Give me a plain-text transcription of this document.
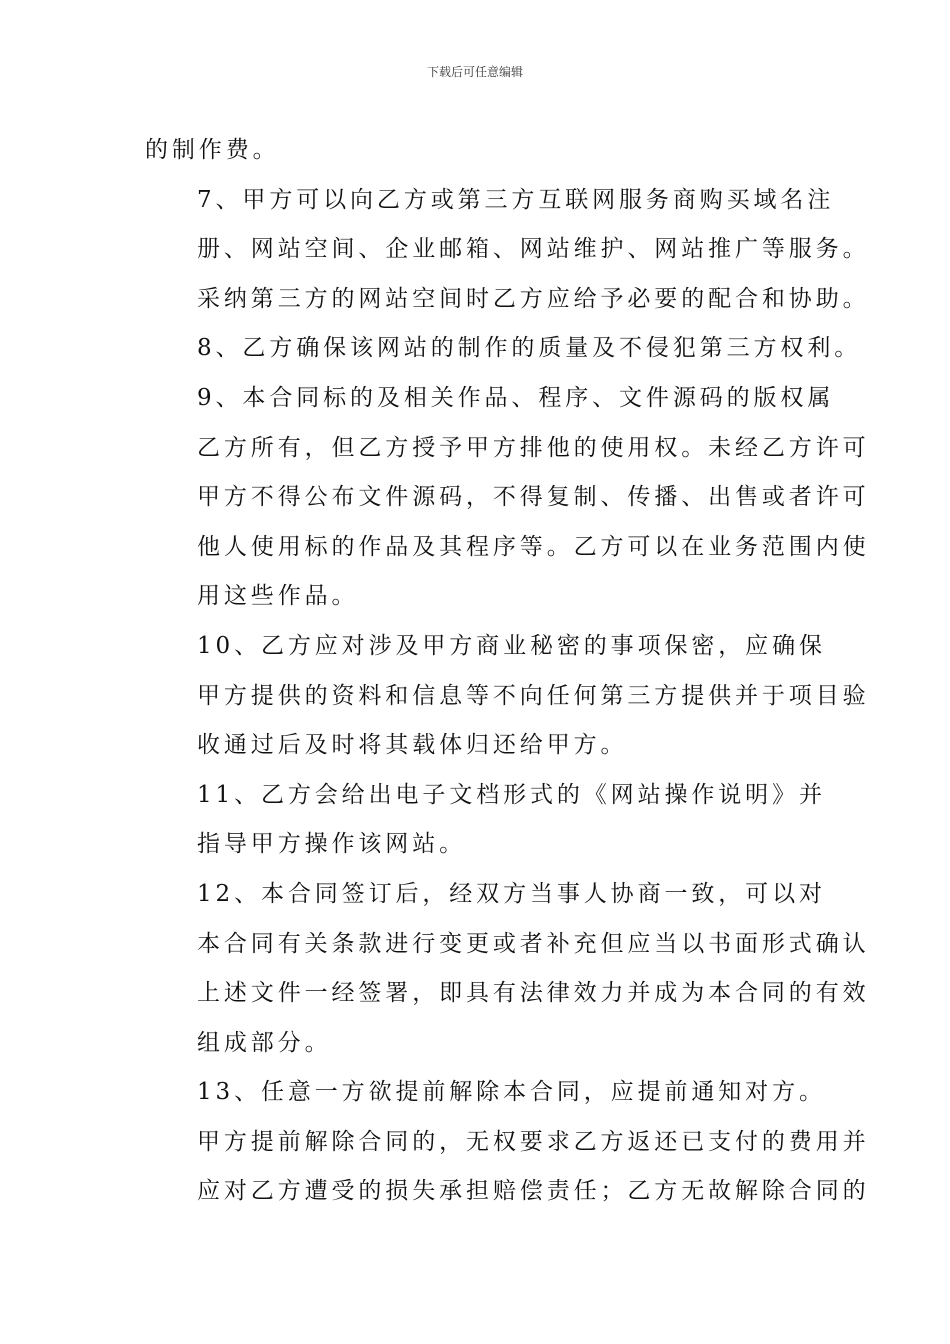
下载后可任意编辑

的制作费。

7、甲方可以向乙方或第三方互联网服务商购买域名注
册、网站空间、企业邮箱、网站维护、网站推广等服务。
采纳第三方的网站空间时乙方应给予必要的配合和协助。

8、乙方确保该网站的制作的质量及不侵犯第三方权利。

9、本合同标的及相关作品、程序、文件源码的版权属
乙方所有，但乙方授予甲方排他的使用权。未经乙方许可
甲方不得公布文件源码，不得复制、传播、出售或者许可
他人使用标的作品及其程序等。乙方可以在业务范围内使
用这些作品。

10、乙方应对涉及甲方商业秘密的事项保密，应确保
甲方提供的资料和信息等不向任何第三方提供并于项目验
收通过后及时将其载体归还给甲方。

11、乙方会给出电子文档形式的《网站操作说明》并
指导甲方操作该网站。

12、本合同签订后，经双方当事人协商一致，可以对
本合同有关条款进行变更或者补充但应当以书面形式确认
上述文件一经签署，即具有法律效力并成为本合同的有效
组成部分。

13、任意一方欲提前解除本合同，应提前通知对方。
甲方提前解除合同的，无权要求乙方返还已支付的费用并
应对乙方遭受的损失承担赔偿责任；乙方无故解除合同的
